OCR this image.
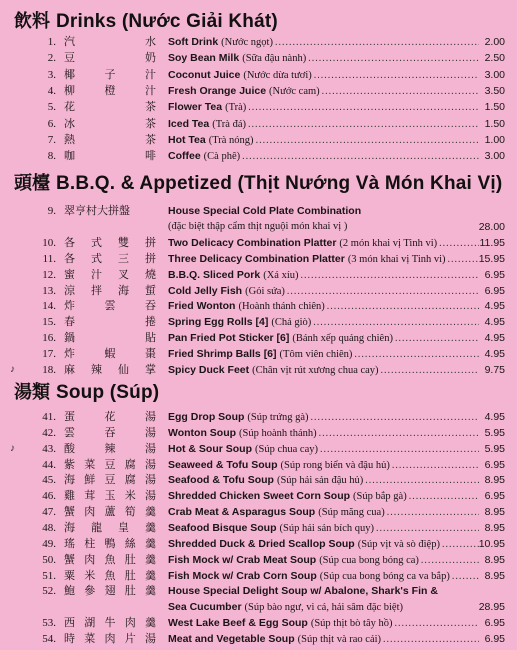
飲料 Drinks (Nước Giải Khát)
1. 汽	水 Soft Drink (Nước ngọt) .....	2.00
2. 豆	奶 Soy Bean Milk (Sữa đậu nành) .....	2.50
3. 椰	子	汁 Coconut Juice (Nước dừa tươi) .....	3.00
4. 柳	橙	汁 Fresh Orange Juice (Nước cam) .....	3.50
5. 花	茶 Flower Tea (Trà) .....	1.50
6. 冰	茶 Iced Tea (Trà đá) .....	1.50
7. 熱	茶 Hot Tea (Trà nóng) .....	1.00
8. 咖	啡 Coffee (Cà phê) .....	3.00
頭檯 B.B.Q. & Appetized (Thịt Nướng Và Món Khai Vị)
9. 翠亨村大拼盤	House Special Cold Plate Combination
(đặc biệt thập cẩm thịt nguội món khai vị )	28.00
10. 各 式 雙 拼 Two Delicacy Combination Platter (2 món khai vị Tinh vi) .....	11.95
11. 各 式 三 拼 Three Delicacy Combination Platter (3 món khai vị Tinh vi) .....	15.95
12. 蜜 汁 叉 燒 B.B.Q. Sliced Pork (Xá xíu) .....	6.95
13. 涼 拌 海 蜇 Cold Jelly Fish (Gỏi sứa) .....	6.95
14. 炸	雲	吞 Fried Wonton (Hoành thánh chiên) .....	4.95
15. 春	捲 Spring Egg Rolls [4] (Chả giò) .....	4.95
16. 鍋	貼 Pan Fried Pot Sticker [6] (Bánh xếp quảng chiên) .....	4.95
17. 炸	蝦	棗 Fried Shrimp Balls [6] (Tôm viên chiên) .....	4.95
♪	18. 麻 辣 仙 掌 Spicy Duck Feet (Chân vịt rút xương chua cay) .....	9.75
湯類 Soup (Súp)
41. 蛋	花	湯 Egg Drop Soup (Súp trứng gà) .....	4.95
42. 雲	吞	湯 Wonton Soup (Súp hoành thánh) .....	5.95
♪	43. 酸	辣	湯 Hot & Sour Soup (Súp chua cay) .....	5.95
44. 紫 菜 豆 腐 湯 Seaweed & Tofu Soup (Súp rong biển và đậu hủ) .....	6.95
45. 海 鮮 豆 腐 湯 Seafood & Tofu Soup (Súp hải sản đậu hủ) .....	8.95
46. 雞 茸 玉 米 湯 Shredded Chicken Sweet Corn Soup (Súp bắp gà) .....	6.95
47. 蟹 肉 蘆 筍 羹 Crab Meat & Asparagus Soup (Súp măng cua) .....	8.95
48. 海 龍 皇 羹 Seafood Bisque Soup (Súp hải sản bích quy) .....	8.95
49. 瑤 柱 鴨 絲 羹 Shredded Duck & Dried Scallop Soup (Súp vịt và sò điệp) .....	10.95
50. 蟹 肉 魚 肚 羹 Fish Mock w/ Crab Meat Soup (Súp cua bong bóng ca) .....	8.95
51. 粟 米 魚 肚 羹 Fish Mock w/ Crab Corn Soup (Súp cua bong bóng ca va bắp) .....	8.95
52. 鮑 參 翅 肚 羹 House Special Delight Soup w/ Abalone, Shark's Fin &
Sea Cucumber (Súp bào ngư, vi cá, hải sâm đặc biệt)	28.95
53. 西 湖 牛 肉 羹 West Lake Beef & Egg Soup (Súp thịt bò tây hồ) .....	6.95
54. 時 菜 肉 片 湯 Meat and Vegetable Soup (Súp thịt và rao cải) .....	6.95
